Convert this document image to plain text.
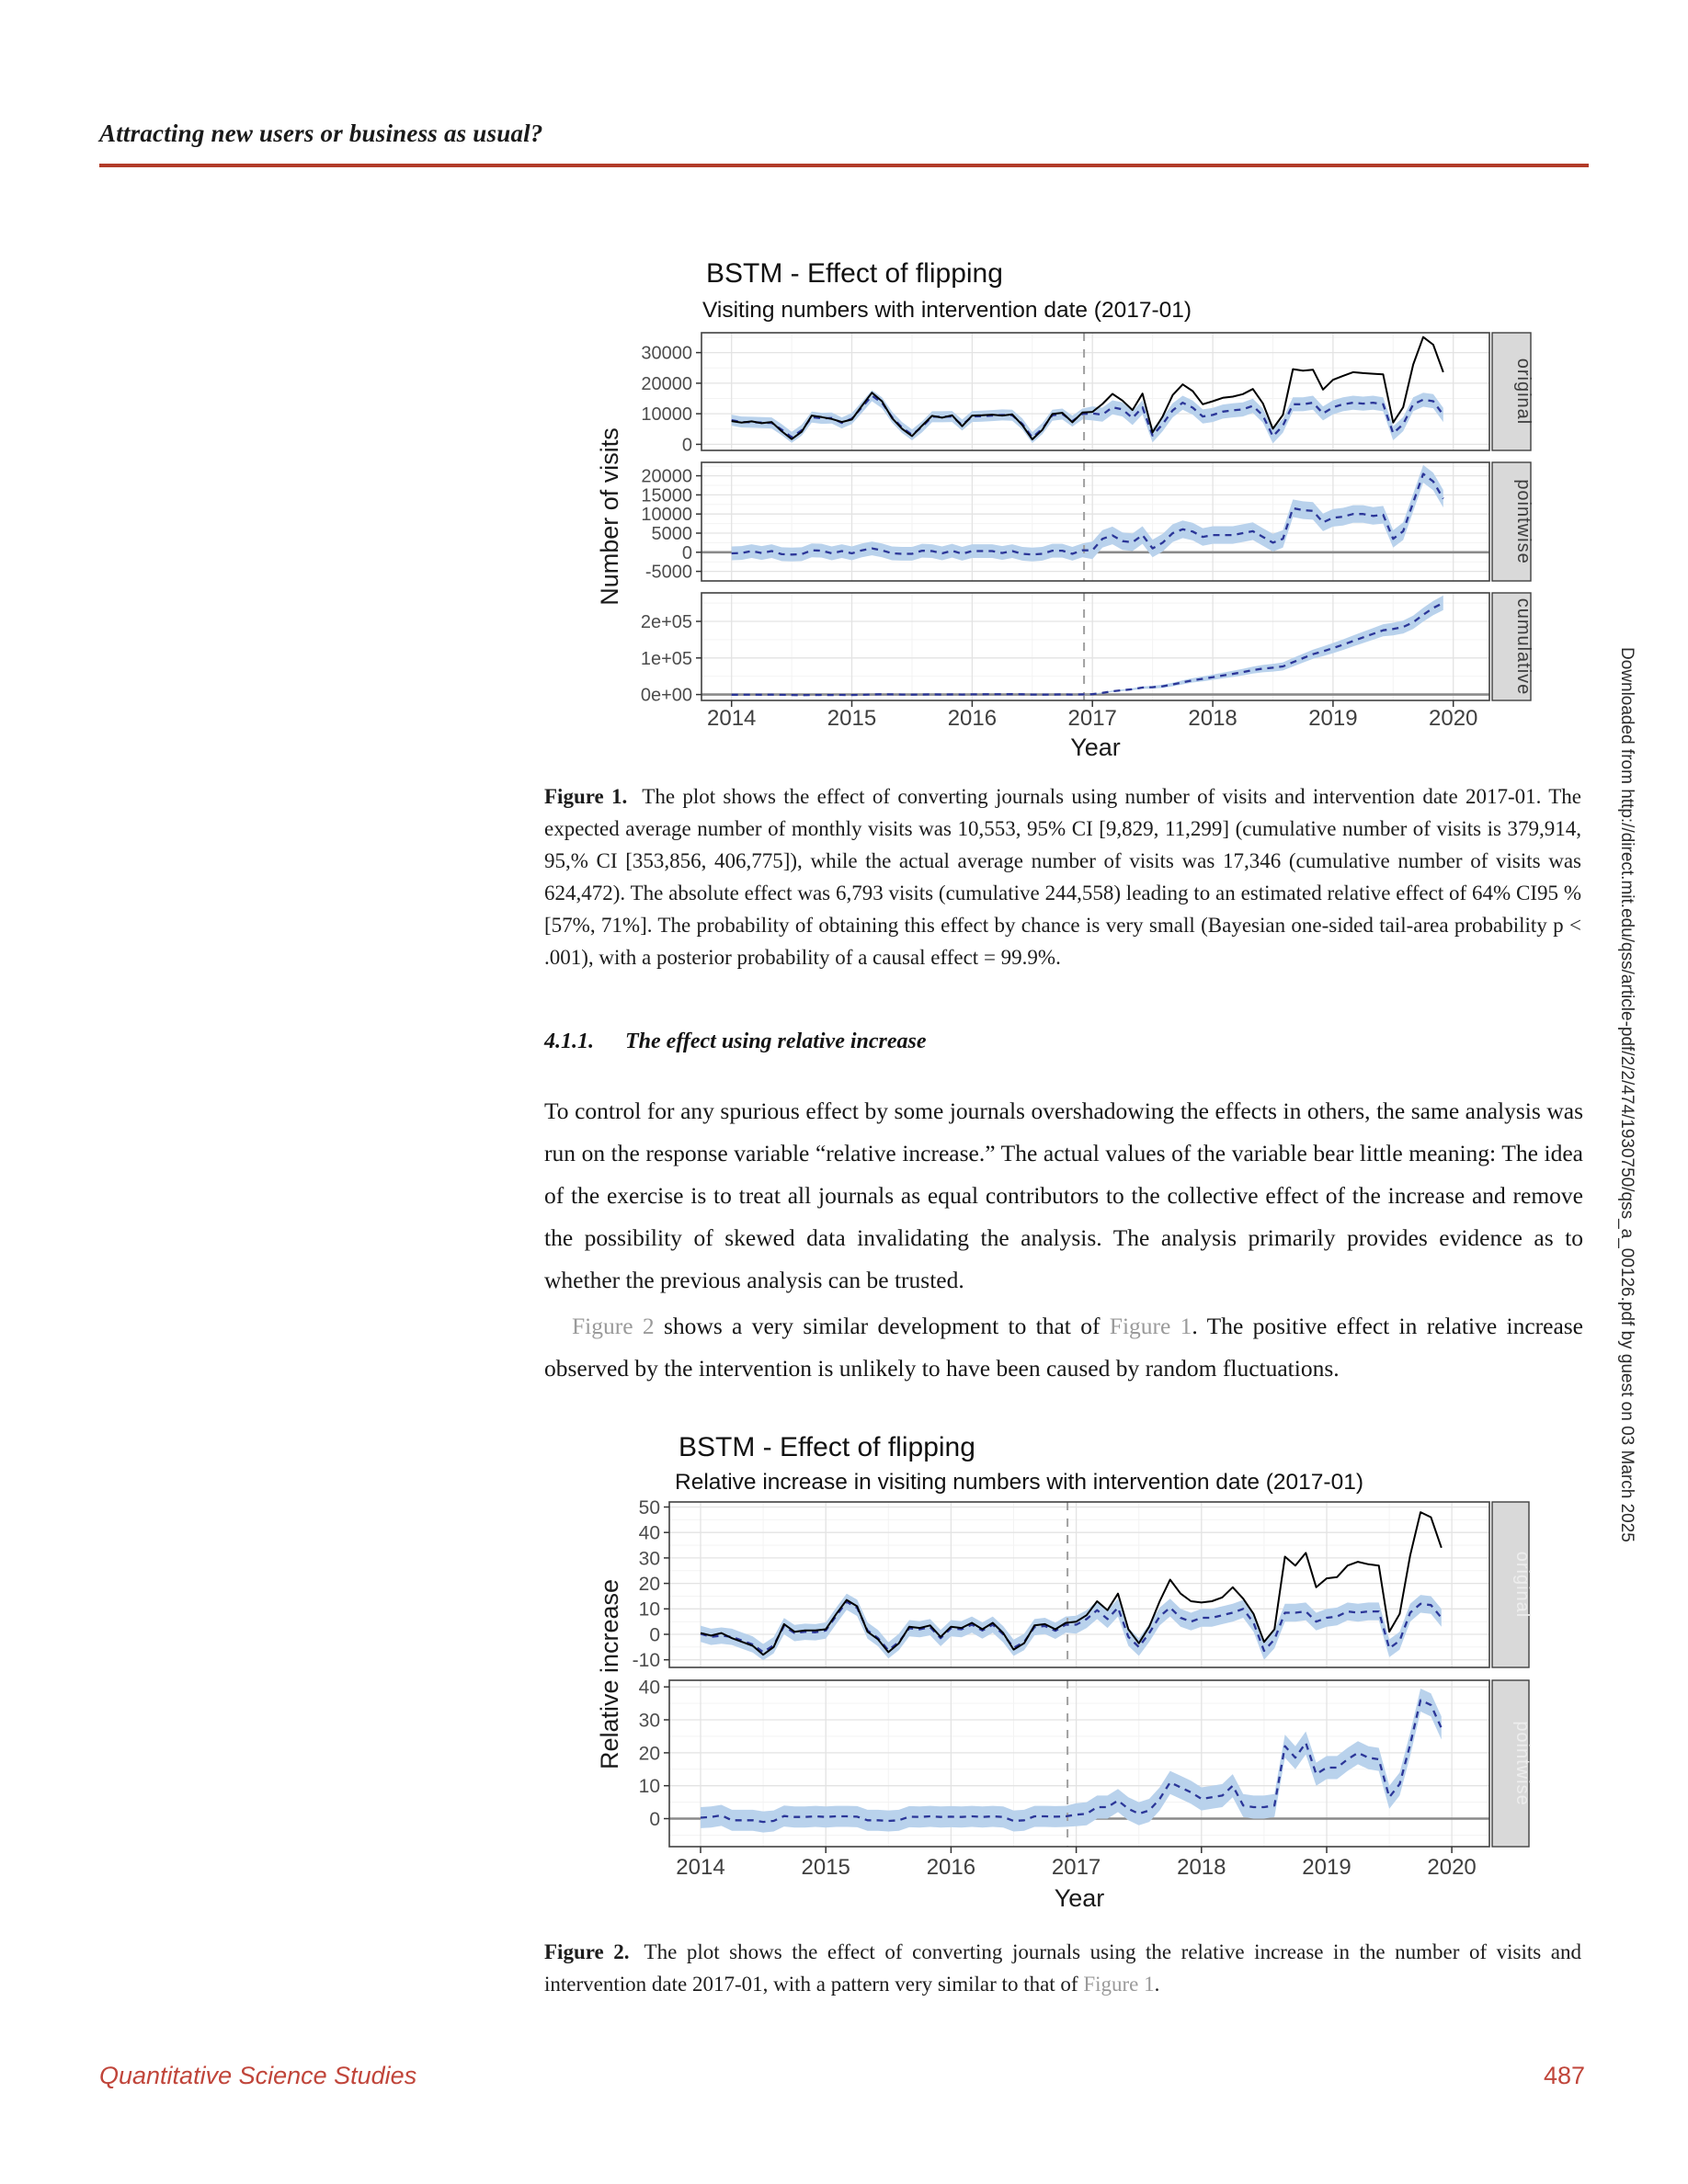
Attracting new users or business as usual?
0
10000
20000
30000
original
-5000
0
5000
10000
15000
20000
pointwise
0e+00
1e+05
2e+05	cumulative
2014	2015	2016	2017	2018	2019	2020
Year
BSTM - Effect of flipping
Visiting numbers with intervention date (2017-01)
Number of visits

Figure 1. The plot shows the effect of converting journals using number of visits and intervention date 2017-01. The expected average number of monthly visits was 10,553, 95% CI [9,829, 11,299] (cumulative number of visits is 379,914, 95,% CI [353,856, 406,775]), while the actual average number of visits was 17,346 (cumulative number of visits was 624,472). The absolute effect was 6,793 visits (cumulative 244,558) leading to an estimated relative effect of 64% CI95 % [57%, 71%]. The probability of obtaining this effect by chance is very small (Bayesian one-sided tail-area probability p < .001), with a posterior probability of a causal effect = 99.9%.

4.1.1. The effect using relative increase

To control for any spurious effect by some journals overshadowing the effects in others, the same analysis was run on the response variable “relative increase.” The actual values of the variable bear little meaning: The idea of the exercise is to treat all journals as equal contributors to the collective effect of the increase and remove the possibility of skewed data invalidating the analysis. The analysis primarily provides evidence as to whether the previous analysis can be trusted.

Figure 2 shows a very similar development to that of Figure 1. The positive effect in relative increase observed by the intervention is unlikely to have been caused by random fluctuations.

-10
0
10
20
30
40
50
original
0
10
20
30
40
pointwise
2014	2015	2016	2017	2018	2019	2020
Year
BSTM - Effect of flipping
Relative increase in visiting numbers with intervention date (2017-01)
Relative increase

Figure 2. The plot shows the effect of converting journals using the relative increase in the number of visits and intervention date 2017-01, with a pattern very similar to that of Figure 1.

Downloaded from http://direct.mit.edu/qss/article-pdf/2/2/474/1930750/qss_a_00126.pdf by guest on 03 March 2025
Quantitative Science Studies	487
